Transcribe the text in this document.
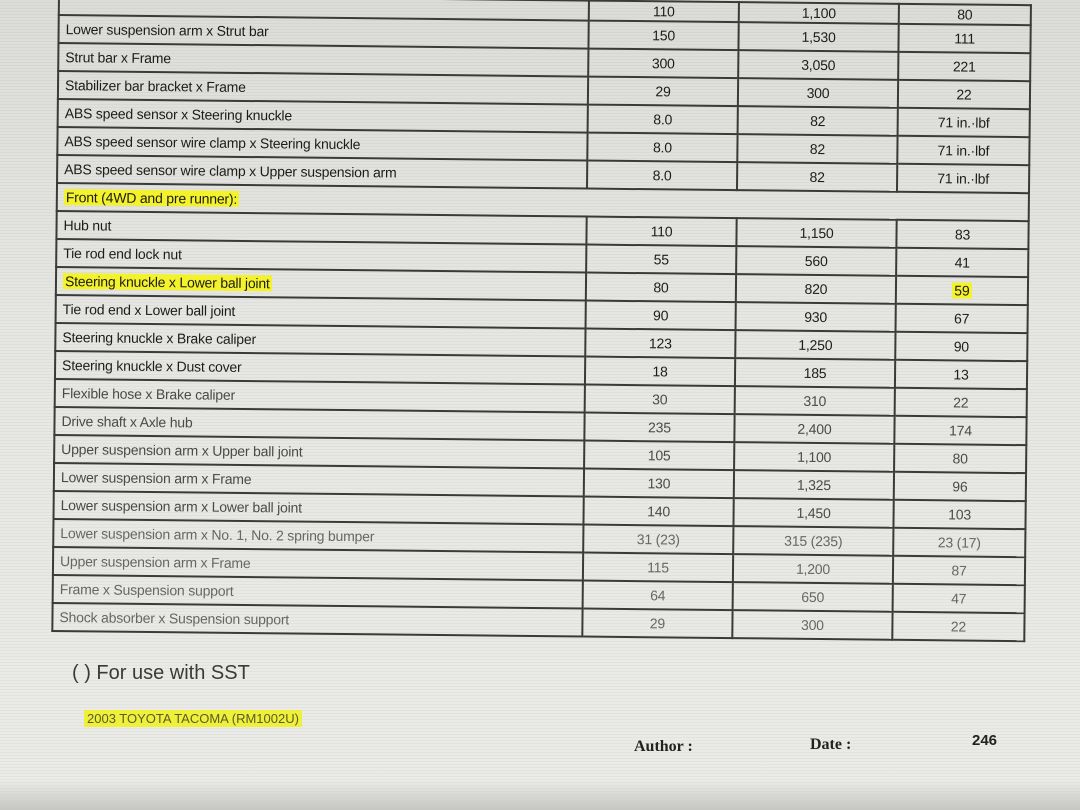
	110	1,100	80
Lower suspension arm x Strut bar	150	1,530	111
Strut bar x Frame	300	3,050	221
Stabilizer bar bracket x Frame	29	300	22
ABS speed sensor x Steering knuckle	8.0	82	71 in.·lbf
ABS speed sensor wire clamp x Steering knuckle	8.0	82	71 in.·lbf
ABS speed sensor wire clamp x Upper suspension arm	8.0	82	71 in.·lbf
Front (4WD and pre runner):			
Hub nut	110	1,150	83
Tie rod end lock nut	55	560	41
Steering knuckle x Lower ball joint	80	820	59
Tie rod end x Lower ball joint	90	930	67
Steering knuckle x Brake caliper	123	1,250	90
Steering knuckle x Dust cover	18	185	13
Flexible hose x Brake caliper	30	310	22
Drive shaft x Axle hub	235	2,400	174
Upper suspension arm x Upper ball joint	105	1,100	80
Lower suspension arm x Frame	130	1,325	96
Lower suspension arm x Lower ball joint	140	1,450	103
Lower suspension arm x No. 1, No. 2 spring bumper	31 (23)	315 (235)	23 (17)
Upper suspension arm x Frame	115	1,200	87
Frame x Suspension support	64	650	47
Shock absorber x Suspension support	29	300	22
( ) For use with SST
2003 TOYOTA TACOMA (RM1002U)
Author :	Date :	246
